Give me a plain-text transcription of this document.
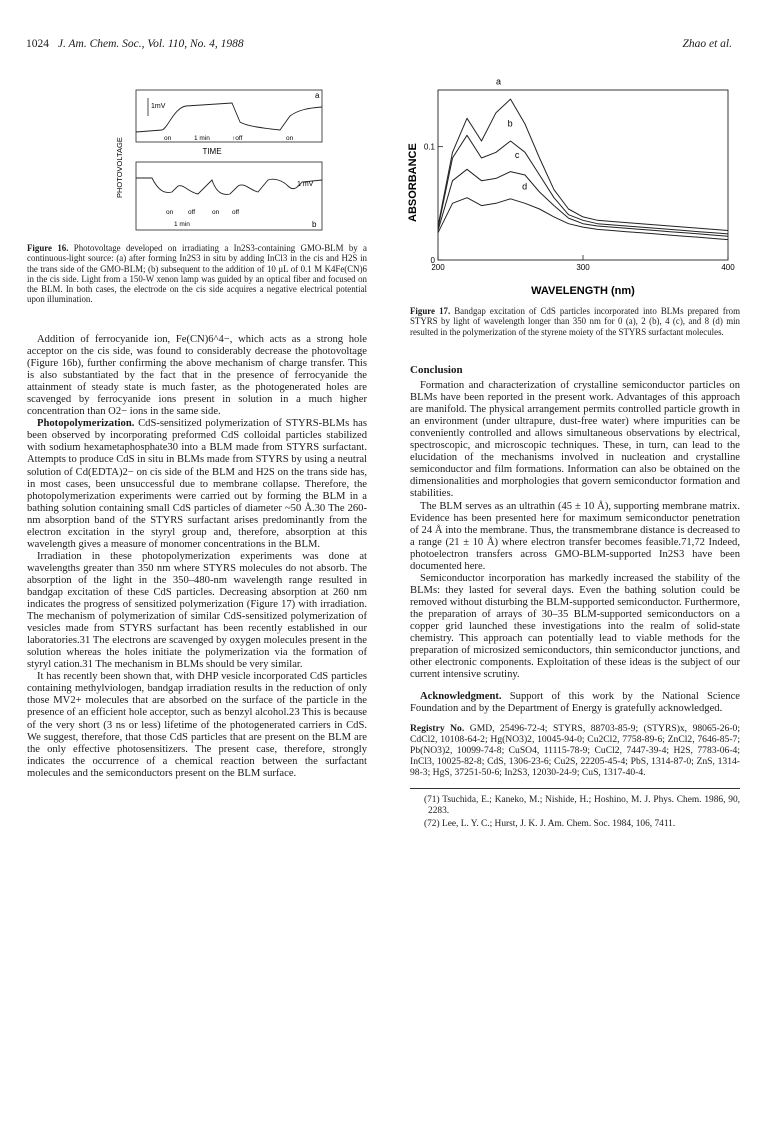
1024 J. Am. Chem. Soc., Vol. 110, No. 4, 1988	Zhao et al.
a
1mV
on	1 min	↑off	on
TIME
PHOTOVOLTAGE	1 mV
on off	on off
1 min	b
Figure 16. Photovoltage developed on irradiating a In2S3-containing GMO-BLM by a continuous-light source: (a) after forming In2S3 in situ by adding InCl3 in the cis and H2S in the trans side of the GMO-BLM; (b) subsequent to the addition of 10 μL of 0.1 M K4Fe(CN)6 in the cis side. Light from a 150-W xenon lamp was guided by an optical fiber and focused on the BLM. In both cases, the electrode on the cis side acquires a negative electrical potential upon illumination.

Addition of ferrocyanide ion, Fe(CN)6^4−, which acts as a strong hole acceptor on the cis side, was found to considerably decrease the photovoltage (Figure 16b), further confirming the above mechanism of charge transfer. This is also substantiated by the fact that in the presence of ferrocyanide the attainment of steady state is much faster, as the photogenerated holes are scavenged by ferrocyanide ions present in solution in a much higher concentration than O2− ions in the same side.

Photopolymerization. CdS-sensitized polymerization of STYRS-BLMs has been observed by incorporating preformed CdS colloidal particles stabilized with sodium hexametaphosphate30 into a BLM made from STYRS surfactant. Attempts to produce CdS in situ in BLMs made from STYRS by using a neutral solution of Cd(EDTA)2− on cis side of the BLM and H2S on the trans side has, in most cases, been unsuccessful due to membrane collapse. Therefore, the photopolymerization experiments were carried out by forming the BLM in a bathing solution containing small CdS particles of diameter ~50 Å.30 The 260-nm absorption band of the STYRS surfactant arises predominantly from the electron excitation in the styryl group and, therefore, absorption at this wavelength gives a measure of monomer concentrations in the BLM.

Irradiation in these photopolymerization experiments was done at wavelengths greater than 350 nm where STYRS molecules do not absorb. The absorption of the light in the 350–480-nm wavelength range resulted in bandgap excitation of these CdS particles. Decreasing absorption at 260 nm indicates the progress of sensitized polymerization (Figure 17) with irradiation. The mechanism of polymerization of similar CdS-sensitized polymerization of vesicles made from STYRS surfactant has been recently established in our laboratories.31 The electrons are scavenged by oxygen molecules present in the solution whereas the holes initiate the polymerization via the formation of styryl cation.31 The mechanism in BLMs should be very similar.

It has recently been shown that, with DHP vesicle incorporated CdS particles containing methylviologen, bandgap irradiation results in the reduction of only those MV2+ molecules that are absorbed on the surface of the particle in the presence of an efficient hole acceptor, such as benzyl alcohol.23 This is because of the very short (3 ns or less) lifetime of the photogenerated carriers in CdS. We suggest, therefore, that those CdS particles that are present on the BLM are the only effective photosensitizers. The present case, therefore, strongly indicates the occurrence of a chemical reaction between the surfactant molecules and the semiconductors present on the BLM surface.

a
b
c
d
200	300	400
0
0.1
ABSORBANCE
WAVELENGTH (nm)
Figure 17. Bandgap excitation of CdS particles incorporated into BLMs prepared from STYRS by light of wavelength longer than 350 nm for 0 (a), 2 (b), 4 (c), and 8 (d) min resulted in the polymerization of the styrene moiety of the STYRS surfactant molecules.
Conclusion

Formation and characterization of crystalline semiconductor particles on BLMs have been reported in the present work. Advantages of this approach are manifold. The physical arrangement permits controlled particle growth in an environment (under ultrapure, dust-free water) where impurities can be conveniently controlled and allows simultaneous observations by electrical, spectroscopic, and microscopic techniques. These, in turn, can lead to the elucidation of the mechanisms involved in nucleation and crystalline semiconductor and film formations. Information can also be obtained on the dimensionalities and morphologies that govern semiconductor formation and stabilities.

The BLM serves as an ultrathin (45 ± 10 Å), supporting membrane matrix. Evidence has been presented here for maximum semiconductor penetration of 24 Å into the membrane. Thus, the transmembrane distance is decreased to a range (21 ± 10 Å) where electron transfer becomes feasible.71,72 Indeed, photoelectron transfers across GMO-BLM-supported In2S3 have been documented here.

Semiconductor incorporation has markedly increased the stability of the BLMs: they lasted for several days. Even the bathing solution could be removed without disturbing the BLM-supported semiconductor. Furthermore, the preparation of arrays of 30–35 BLM-supported semiconductors on a copper grid launched these investigations into the realm of solid-state chemistry. This approach can potentially lead to viable methods for the preparation of microsized semiconductors, thin semiconductor junctions, and other electronic components. Exploitation of these ideas is the subject of our current intensive scrutiny.

Acknowledgment. Support of this work by the National Science Foundation and by the Department of Energy is gratefully acknowledged.

Registry No. GMD, 25496-72-4; STYRS, 88703-85-9; (STYRS)x, 98065-26-0; CdCl2, 10108-64-2; Hg(NO3)2, 10045-94-0; Cu2Cl2, 7758-89-6; ZnCl2, 7646-85-7; Pb(NO3)2, 10099-74-8; CuSO4, 11115-78-9; CuCl2, 7447-39-4; H2S, 7783-06-4; InCl3, 10025-82-8; CdS, 1306-23-6; Cu2S, 22205-45-4; PbS, 1314-87-0; ZnS, 1314-98-3; HgS, 37251-50-6; In2S3, 12030-24-9; CuS, 1317-40-4.
(71) Tsuchida, E.; Kaneko, M.; Nishide, H.; Hoshino, M. J. Phys. Chem. 1986, 90, 2283.
(72) Lee, L. Y. C.; Hurst, J. K. J. Am. Chem. Soc. 1984, 106, 7411.
